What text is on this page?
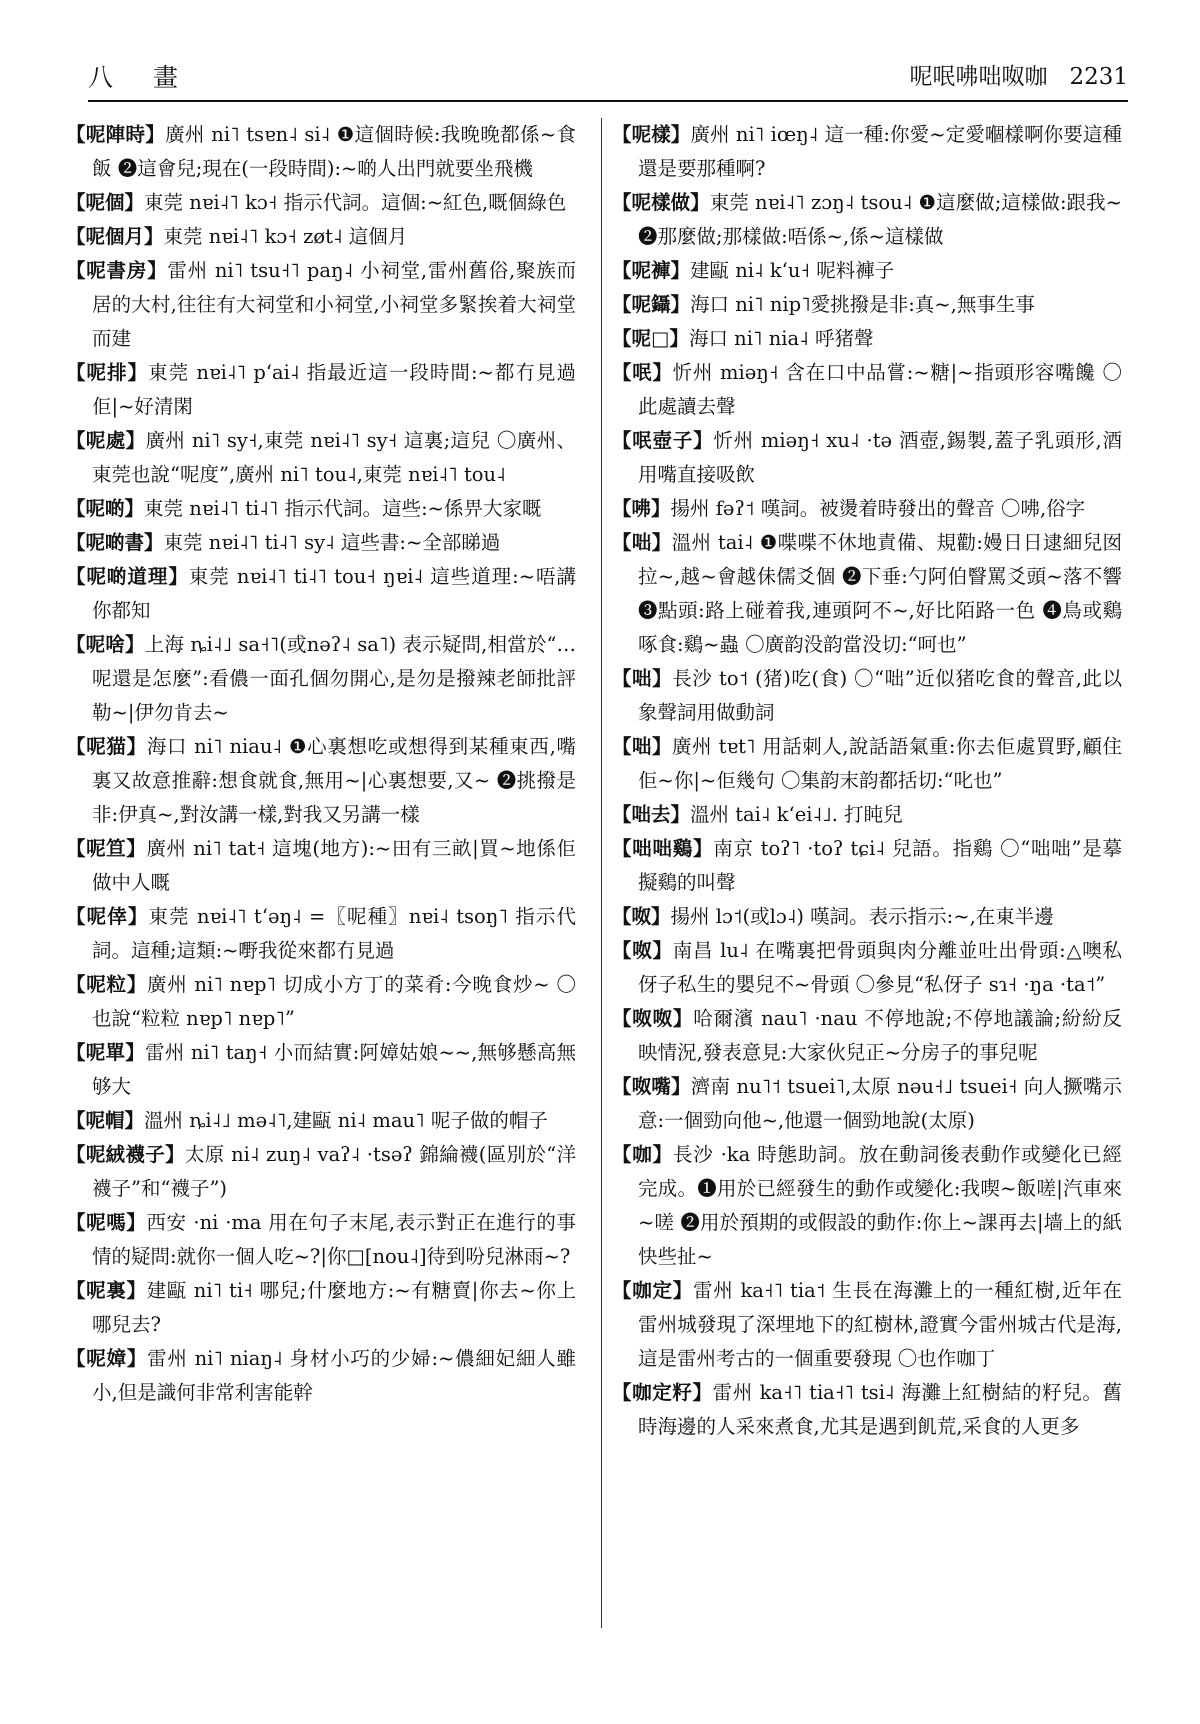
八 畫	呢呡咈咄呶咖 2231

【呢陣時】廣州 ni˥ tsɐn˨ si˨ ❶這個時候:我晚晚都係~食飯 ❷這會兒;現在(一段時間):~啲人出門就要坐飛機

【呢個】東莞 nɐi˨˥ kɔ˧ 指示代詞。這個:~紅色,嘅個綠色

【呢個月】東莞 nɐi˨˥ kɔ˧ zøt˨ 這個月

【呢書房】雷州 ni˥ tsu˧˥ paŋ˨ 小祠堂,雷州舊俗,聚族而居的大村,往往有大祠堂和小祠堂,小祠堂多緊挨着大祠堂而建

【呢排】東莞 nɐi˨˥ pʻai˨ 指最近這一段時間:~都冇見過佢|~好清閑

【呢處】廣州 ni˥ sy˧,東莞 nɐi˨˥ sy˧ 這裏;這兒 〇廣州、東莞也說“呢度”,廣州 ni˥ tou˨,東莞 nɐi˨˥ tou˨

【呢啲】東莞 nɐi˨˥ ti˨˥ 指示代詞。這些:~係畀大家嘅

【呢啲書】東莞 nɐi˨˥ ti˨˥ sy˨ 這些書:~全部睇過

【呢啲道理】東莞 nɐi˨˥ ti˨˥ tou˧ ŋɐi˨ 這些道理:~唔講你都知

【呢啥】上海 ȵi˨˩ sa˧˥(或nəʔ˨ sa˥) 表示疑問,相當於“…呢還是怎麼”:看儂一面孔個勿開心,是勿是撥辣老師批評勒~|伊勿肯去~

【呢猫】海口 ni˥ niau˨ ❶心裏想吃或想得到某種東西,嘴裏又故意推辭:想食就食,無用~|心裏想要,又~ ❷挑撥是非:伊真~,對汝講一樣,對我又另講一樣

【呢笪】廣州 ni˥ tat˧ 這塊(地方):~田有三畝|買~地係佢做中人嘅

【呢倖】東莞 nɐi˨˥ tʻəŋ˨ =〖呢種〗nɐi˨ tsoŋ˥ 指示代詞。這種;這類:~嘢我從來都冇見過

【呢粒】廣州 ni˥ nɐp˥ 切成小方丁的菜肴:今晚食炒~ 〇也說“粒粒 nɐp˥ nɐp˥”

【呢單】雷州 ni˥ taŋ˧ 小而結實:阿嫜姑娘~~,無够懸高無够大

【呢帽】溫州 ȵi˨˩ mə˨˥,建甌 ni˨ mau˥ 呢子做的帽子

【呢絨襪子】太原 ni˨ zuŋ˨ vaʔ˨ ·tsəʔ 錦綸襪(區別於“洋襪子”和“襪子”)

【呢嗎】西安 ·ni ·ma 用在句子末尾,表示對正在進行的事情的疑問:就你一個人吃~?|你□[nou˨]待到吩兒淋雨~?

【呢裏】建甌 ni˥ ti˧ 哪兒;什麼地方:~有糖賣|你去~你上哪兒去?

【呢嫜】雷州 ni˥ niaŋ˨ 身材小巧的少婦:~儂細妃細人雖小,但是識何非常利害能幹

【呢樣】廣州 ni˥ iœŋ˨ 這一種:你愛~定愛嗰樣啊你要這種還是要那種啊?

【呢樣做】東莞 nɐi˨˥ zɔŋ˨ tsou˨ ❶這麼做;這樣做:跟我~ ❷那麼做;那樣做:唔係~,係~這樣做

【呢褲】建甌 ni˨ kʻu˧ 呢料褲子

【呢鑷】海口 ni˥ nip˥愛挑撥是非:真~,無事生事

【呢□】海口 ni˥ nia˨ 呼猪聲

【呡】忻州 miəŋ˧ 含在口中品嘗:~糖|~指頭形容嘴饞 〇此處讀去聲

【呡壺子】忻州 miəŋ˧ xu˨ ·tə 酒壺,錫製,蓋子乳頭形,酒用嘴直接吸飲

【咈】揚州 fəʔ˦ 嘆詞。被燙着時發出的聲音 〇咈,俗字

【咄】溫州 tai˨ ❶喋喋不休地責備、規勸:嫚日日逮細兒囡拉~,越~會越佅儒爻個 ❷下垂:勺阿伯瞖罵爻頭~落不響 ❸點頭:路上碰着我,連頭阿不~,好比陌路一色 ❹鳥或鷄啄食:鷄~蟲 〇廣韵没韵當没切:“呵也”

【咄】長沙 to˦ (猪)吃(食) 〇“咄”近似猪吃食的聲音,此以象聲詞用做動詞

【咄】廣州 tɐt˥ 用話刺人,說話語氣重:你去佢處買野,顧住佢~你|~佢幾句 〇集韵末韵都括切:“叱也”

【咄去】溫州 tai˨ kʻei˨˩. 打盹兒

【咄咄鷄】南京 toʔ˥ ·toʔ tɕi˨ 兒語。指鷄 〇“咄咄”是摹擬鷄的叫聲

【呶】揚州 lɔ˦(或lɔ˨) 嘆詞。表示指示:~,在東半邊

【呶】南昌 lu˨ 在嘴裏把骨頭與肉分離並吐出骨頭:△噢私伢子私生的嬰兒不~骨頭 〇參見“私伢子 sɿ˧ ·ŋa ·ta˦”

【呶呶】哈爾濱 nau˥ ·nau 不停地說;不停地議論;紛紛反映情況,發表意見:大家伙兒正~分房子的事兒呢

【呶嘴】濟南 nu˥˦ tsuei˥,太原 nəu˧˩ tsuei˧ 向人撅嘴示意:一個勁向他~,他還一個勁地說(太原)

【咖】長沙 ·ka 時態助詞。放在動詞後表動作或變化已經完成。❶用於已經發生的動作或變化:我喫~飯嗟|汽車來~嗟 ❷用於預期的或假設的動作:你上~課再去|墙上的紙快些扯~

【咖定】雷州 ka˧˥ tia˦ 生長在海灘上的一種紅樹,近年在雷州城發現了深埋地下的紅樹林,證實今雷州城古代是海,這是雷州考古的一個重要發現 〇也作咖丁

【咖定籽】雷州 ka˧˥ tia˧˥ tsi˨ 海灘上紅樹結的籽兒。舊時海邊的人采來煮食,尤其是遇到飢荒,采食的人更多
